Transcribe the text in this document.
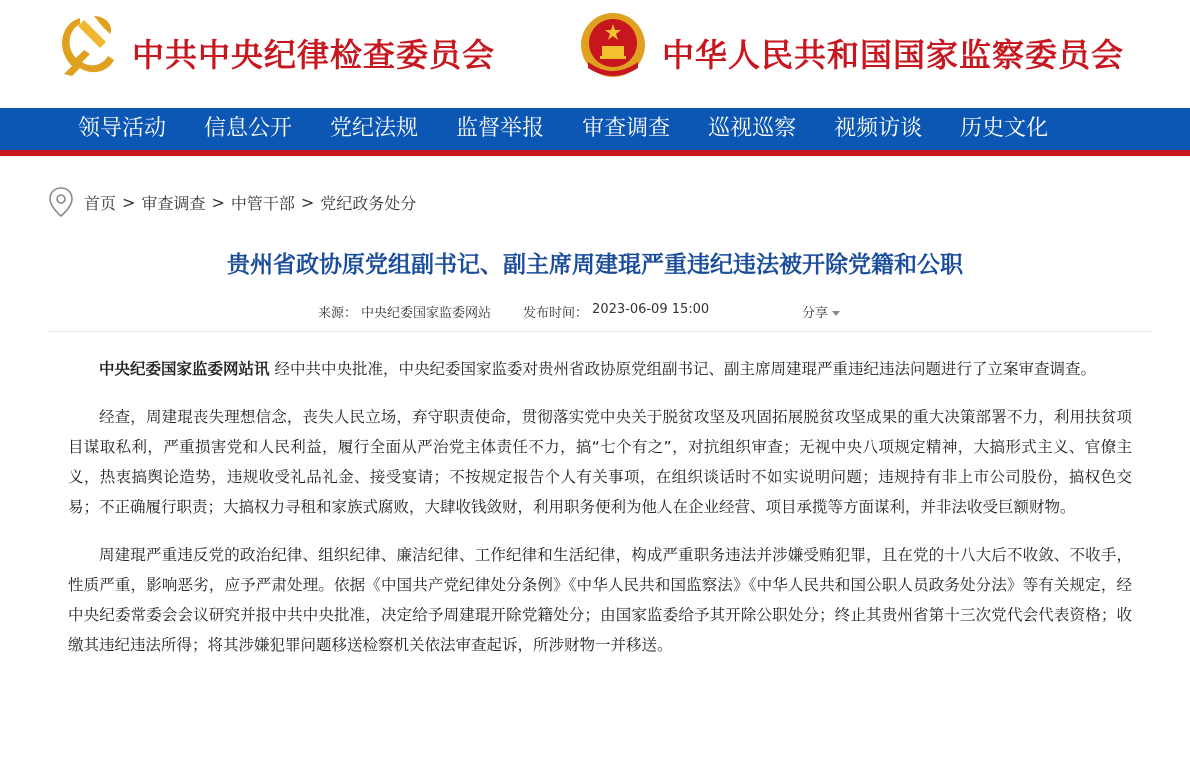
中共中央纪律检查委员会	中华人民共和国国家监察委员会
领导活动 信息公开 党纪法规 监督举报 审查调查 巡视巡察 视频访谈 历史文化
首页 > 审查调查 > 中管干部 > 党纪政务处分
贵州省政协原党组副书记、副主席周建琨严重违纪违法被开除党籍和公职
来源： 中央纪委国家监委网站 发布时间： 2023-06-09 15:00	分享

中央纪委国家监委网站讯 经中共中央批准，中央纪委国家监委对贵州省政协原党组副书记、副主席周建琨严重违纪违法问题进行了立案审查调查。

经查，周建琨丧失理想信念，丧失人民立场，弃守职责使命，贯彻落实党中央关于脱贫攻坚及巩固拓展脱贫攻坚成果的重大决策部署不力，利用扶贫项目谋取私利，严重损害党和人民利益，履行全面从严治党主体责任不力，搞“七个有之”，对抗组织审查；无视中央八项规定精神，大搞形式主义、官僚主义，热衷搞舆论造势，违规收受礼品礼金、接受宴请；不按规定报告个人有关事项，在组织谈话时不如实说明问题；违规持有非上市公司股份，搞权色交易；不正确履行职责；大搞权力寻租和家族式腐败，大肆收钱敛财，利用职务便利为他人在企业经营、项目承揽等方面谋利，并非法收受巨额财物。

周建琨严重违反党的政治纪律、组织纪律、廉洁纪律、工作纪律和生活纪律，构成严重职务违法并涉嫌受贿犯罪，且在党的十八大后不收敛、不收手，性质严重，影响恶劣，应予严肃处理。依据《中国共产党纪律处分条例》《中华人民共和国监察法》《中华人民共和国公职人员政务处分法》等有关规定，经中央纪委常委会会议研究并报中共中央批准，决定给予周建琨开除党籍处分；由国家监委给予其开除公职处分；终止其贵州省第十三次党代会代表资格；收缴其违纪违法所得；将其涉嫌犯罪问题移送检察机关依法审查起诉，所涉财物一并移送。
